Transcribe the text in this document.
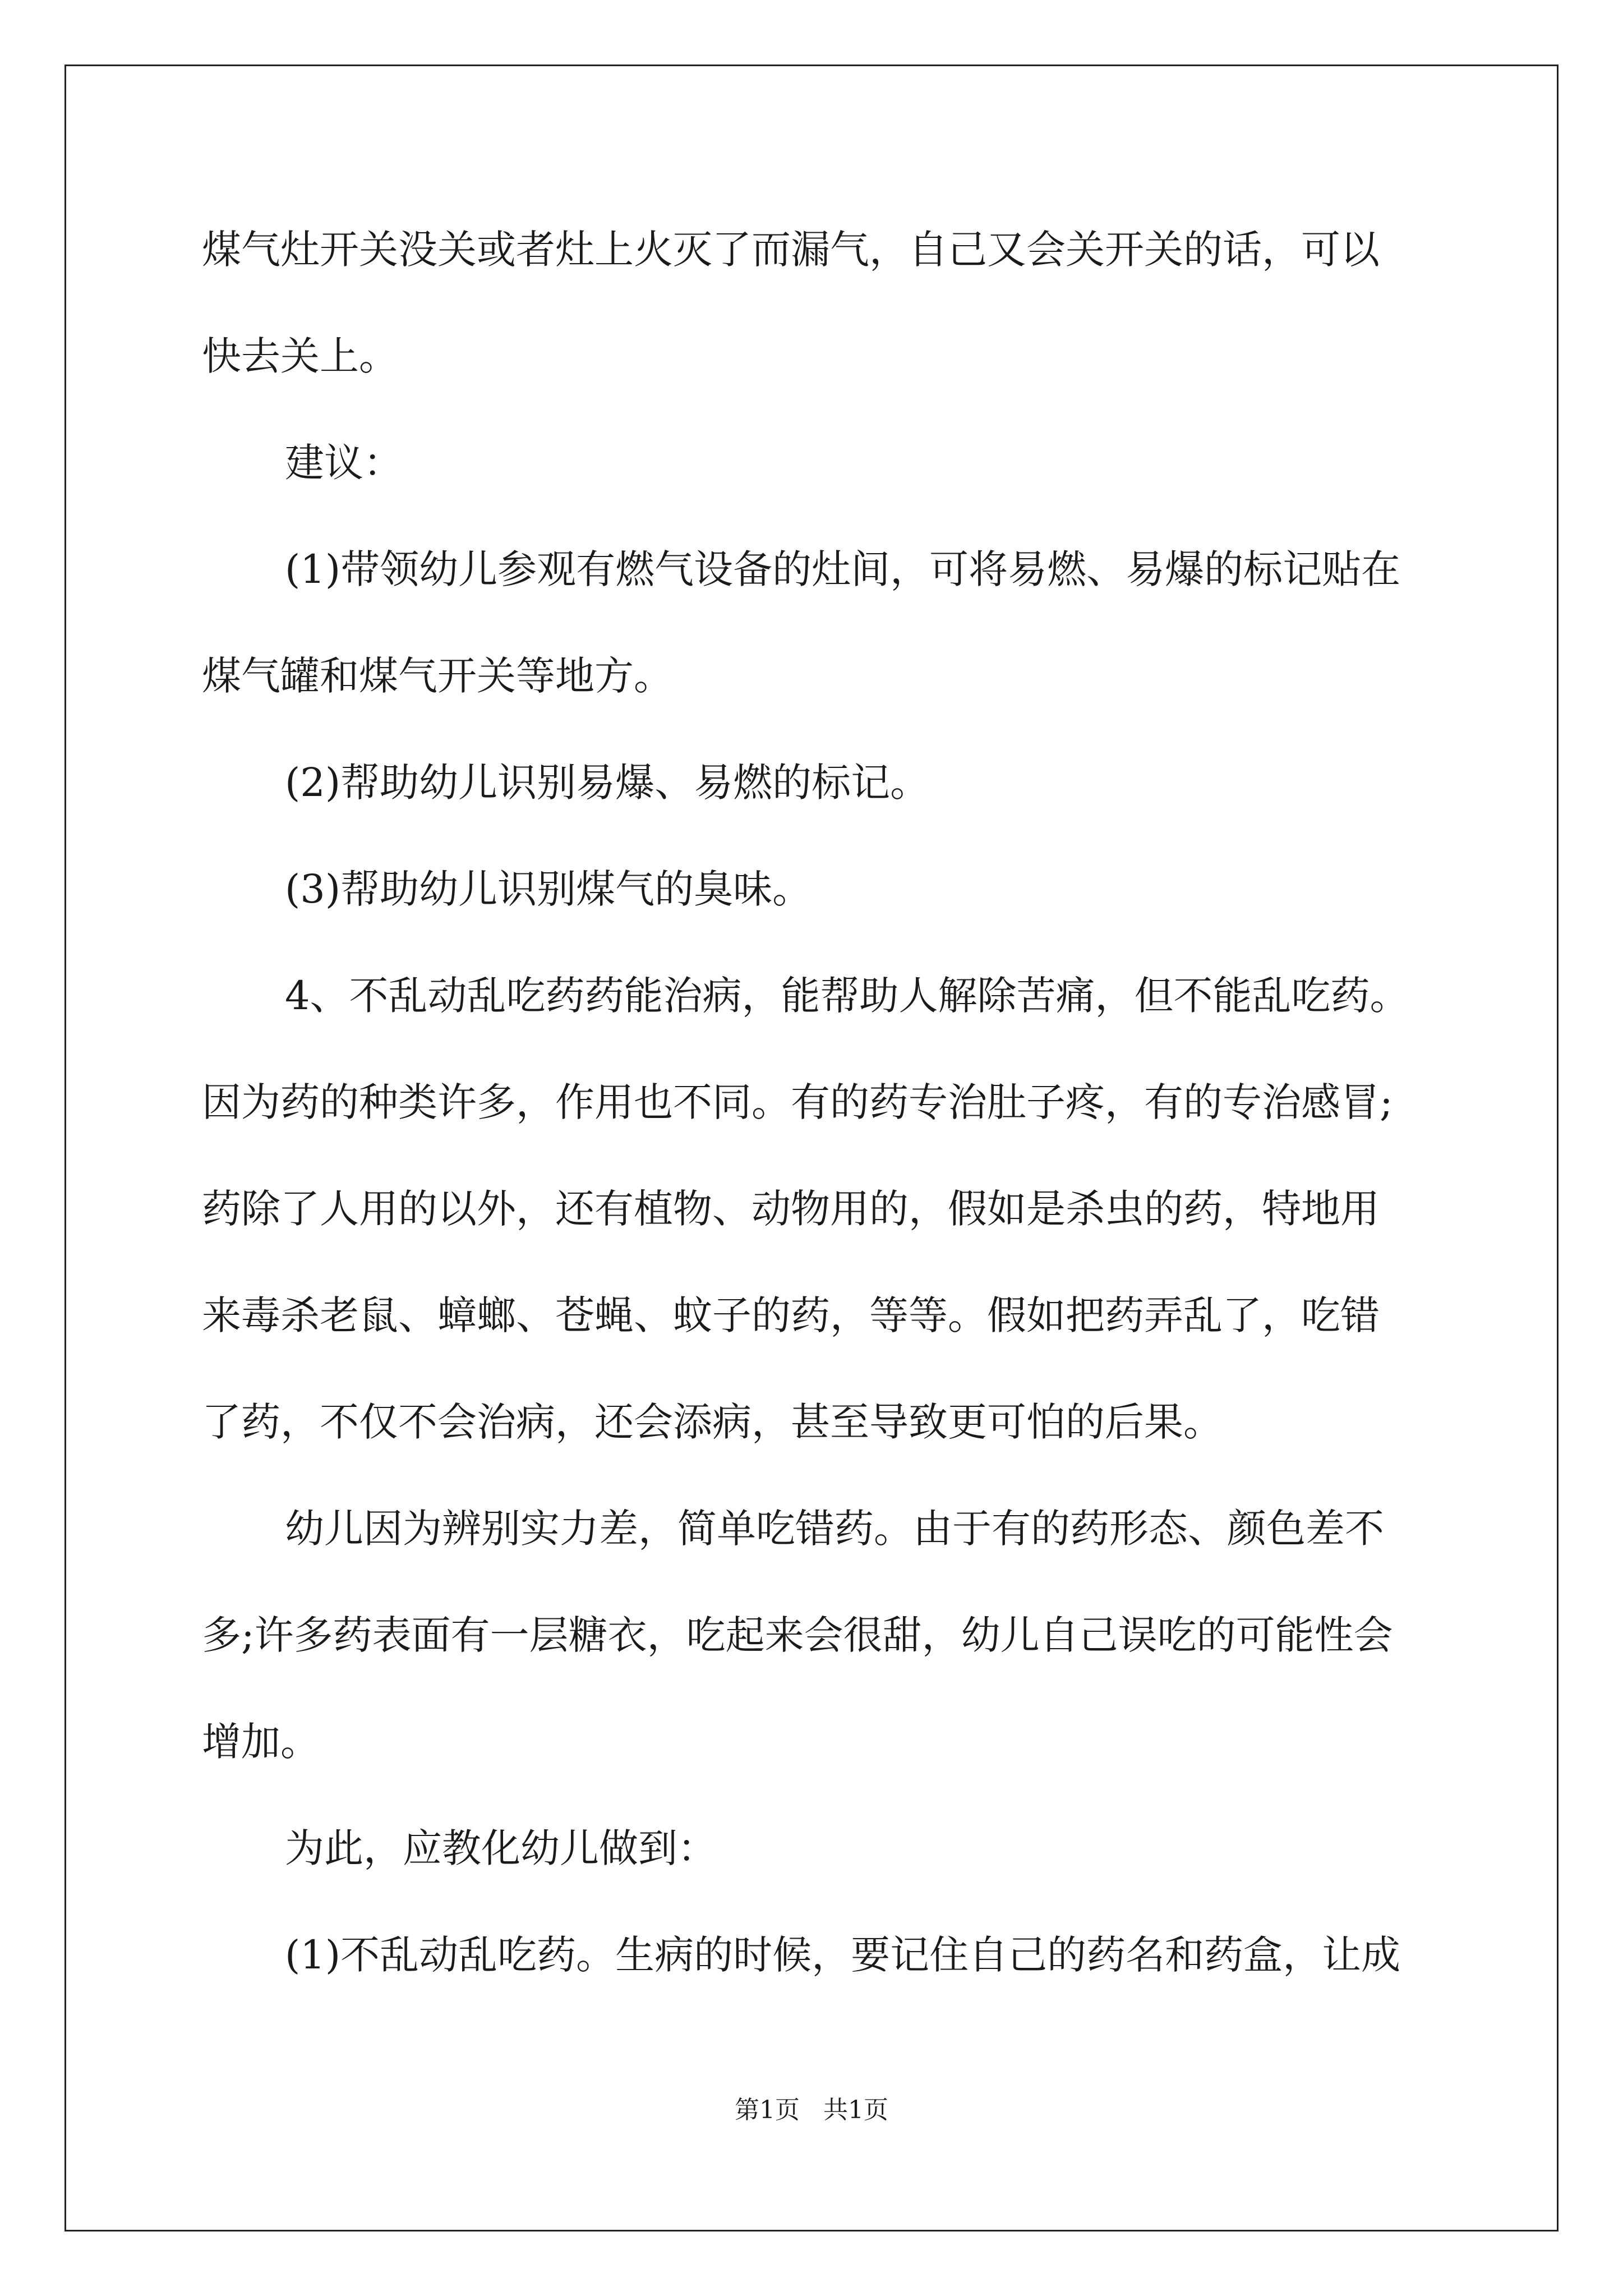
煤气灶开关没关或者灶上火灭了而漏气，自己又会关开关的话，可以
快去关上。
建议：
(1)带领幼儿参观有燃气设备的灶间，可将易燃、易爆的标记贴在
煤气罐和煤气开关等地方。
(2)帮助幼儿识别易爆、易燃的标记。
(3)帮助幼儿识别煤气的臭味。
4、不乱动乱吃药药能治病，能帮助人解除苦痛，但不能乱吃药。
因为药的种类许多，作用也不同。有的药专治肚子疼，有的专治感冒;
药除了人用的以外，还有植物、动物用的，假如是杀虫的药，特地用
来毒杀老鼠、蟑螂、苍蝇、蚊子的药，等等。假如把药弄乱了，吃错
了药，不仅不会治病，还会添病，甚至导致更可怕的后果。
幼儿因为辨别实力差，简单吃错药。由于有的药形态、颜色差不
多;许多药表面有一层糖衣，吃起来会很甜，幼儿自己误吃的可能性会
增加。
为此，应教化幼儿做到：
(1)不乱动乱吃药。生病的时候，要记住自己的药名和药盒，让成
第1页   共1页
